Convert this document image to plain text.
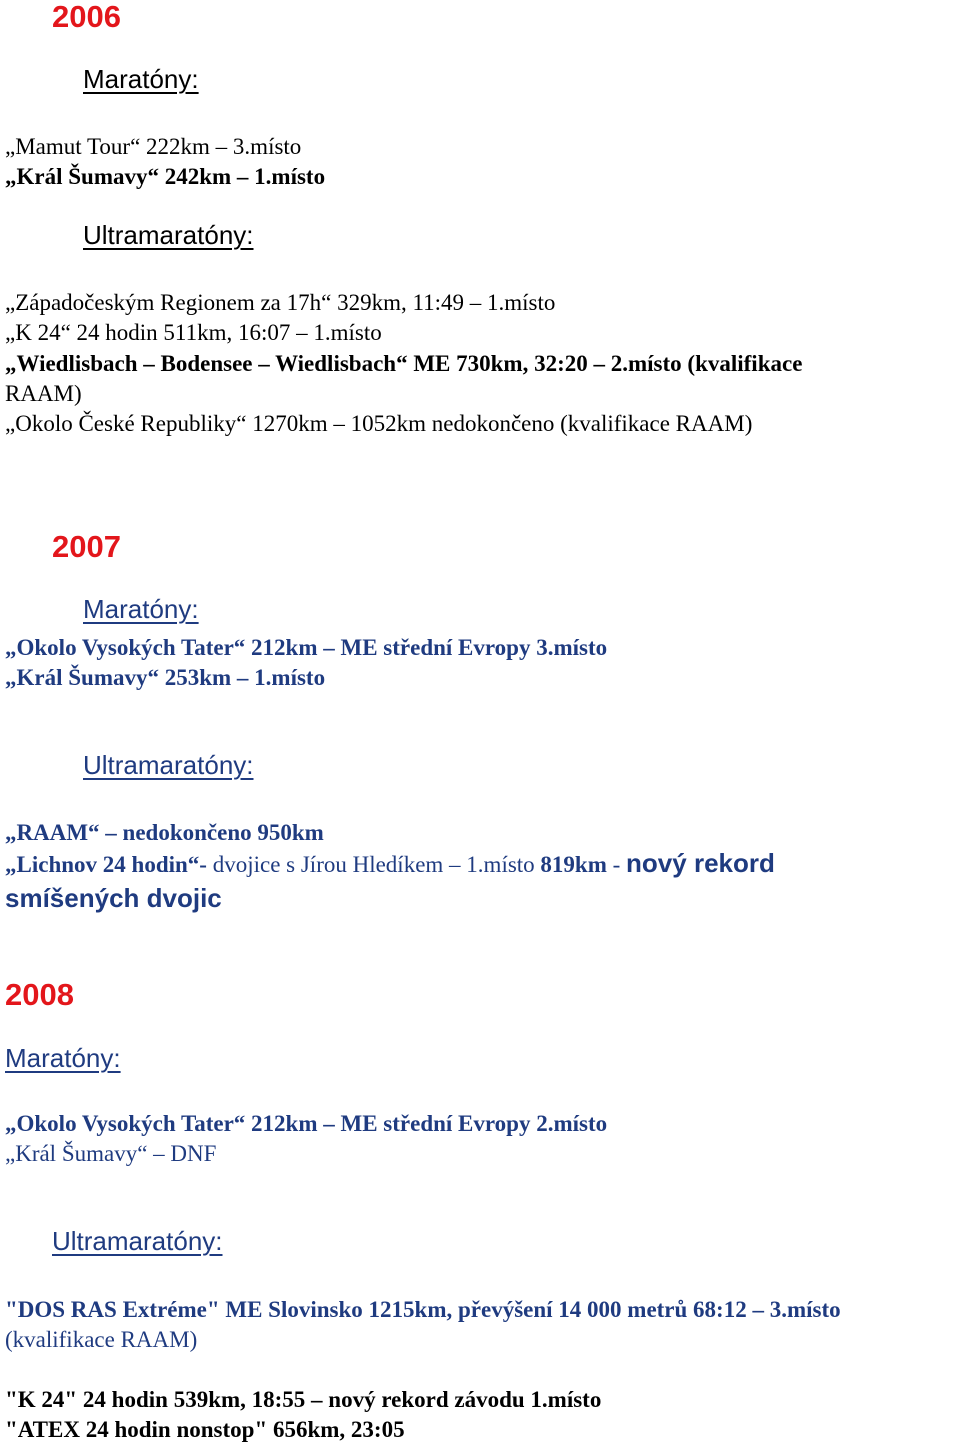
2006
Maratóny:
„Mamut Tour“ 222km – 3.místo
„Král Šumavy“ 242km – 1.místo
Ultramaratóny:
„Západočeským Regionem za 17h“ 329km, 11:49 – 1.místo
„K 24“ 24 hodin 511km, 16:07 – 1.místo
„Wiedlisbach – Bodensee – Wiedlisbach“ ME 730km, 32:20 – 2.místo (kvalifikace
RAAM)
„Okolo České Republiky“ 1270km – 1052km nedokončeno (kvalifikace RAAM)
2007
Maratóny:
„Okolo Vysokých Tater“ 212km – ME střední Evropy 3.místo
„Král Šumavy“ 253km – 1.místo
Ultramaratóny:
„RAAM“ – nedokončeno 950km
„Lichnov 24 hodin“- dvojice s Jírou Hledíkem – 1.místo 819km - nový rekord
smíšených dvojic
2008
Maratóny:
„Okolo Vysokých Tater“ 212km – ME střední Evropy 2.místo
„Král Šumavy“ – DNF
Ultramaratóny:
"DOS RAS Extréme" ME Slovinsko 1215km, převýšení 14 000 metrů 68:12 – 3.místo
(kvalifikace RAAM)
"K 24" 24 hodin 539km, 18:55 – nový rekord závodu 1.místo
"ATEX 24 hodin nonstop" 656km, 23:05
